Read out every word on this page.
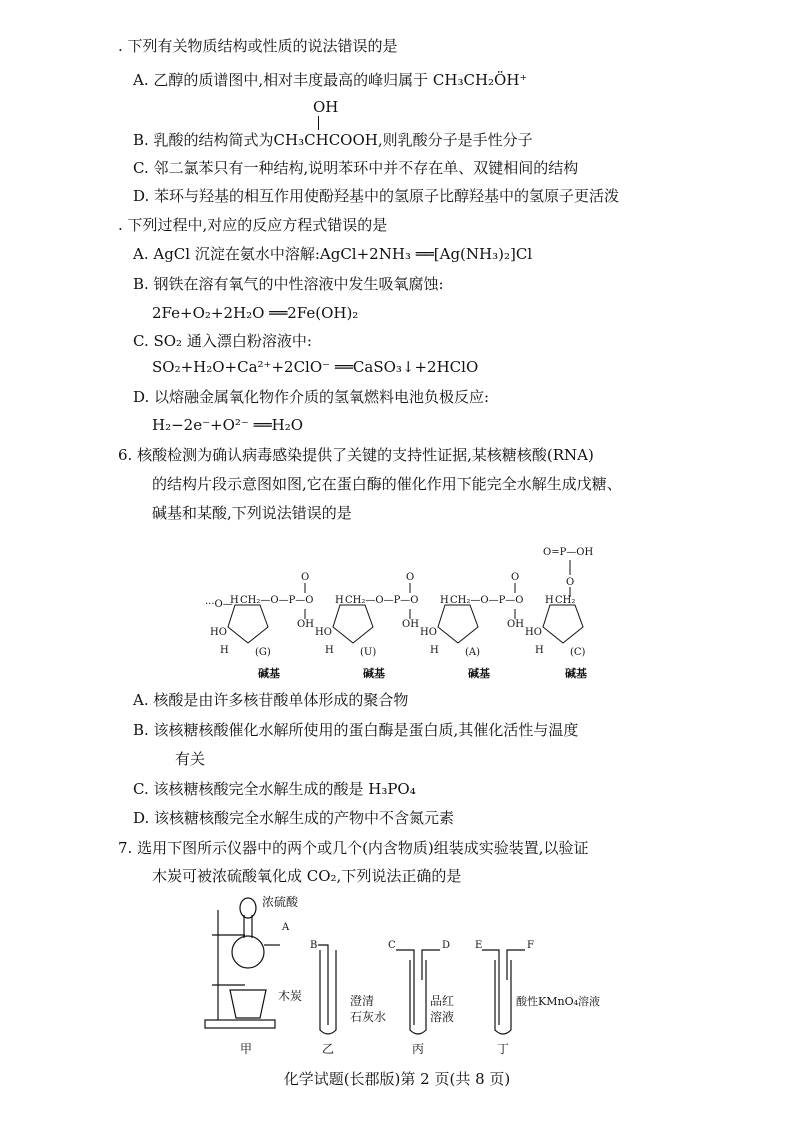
. 下列有关物质结构或性质的说法错误的是
A. 乙醇的质谱图中,相对丰度最高的峰归属于 CH₃CH₂ÖH⁺
OH
B. 乳酸的结构简式为CH₃CHCOOH,则乳酸分子是手性分子
C. 邻二氯苯只有一种结构,说明苯环中并不存在单、双键相间的结构
D. 苯环与羟基的相互作用使酚羟基中的氢原子比醇羟基中的氢原子更活泼
. 下列过程中,对应的反应方程式错误的是
A. AgCl 沉淀在氨水中溶解:AgCl+2NH₃ ══[Ag(NH₃)₂]Cl
B. 钢铁在溶有氧气的中性溶液中发生吸氧腐蚀:
2Fe+O₂+2H₂O ══2Fe(OH)₂
C. SO₂ 通入漂白粉溶液中:
SO₂+H₂O+Ca²⁺+2ClO⁻ ══CaSO₃↓+2HClO
D. 以熔融金属氧化物作介质的氢氧燃料电池负极反应:
H₂−2e⁻+O²⁻ ══H₂O
6. 核酸检测为确认病毒感染提供了关键的支持性证据,某核糖核酸(RNA)
的结构片段示意图如图,它在蛋白酶的催化作用下能完全水解生成戊糖、
碱基和某酸,下列说法错误的是
O=P—OH
O
···O—
H CH₂—O—P—O H CH₂—O—P—O H CH₂—O—P—O H CH₂
O	O	O
OH	OH	OH
HO	HO	HO	HO
H	H	H	H
(G)	(U)	(A)	(C)
碱基	碱基	碱基	碱基
A. 核酸是由许多核苷酸单体形成的聚合物
B. 该核糖核酸催化水解所使用的蛋白酶是蛋白质,其催化活性与温度
有关
C. 该核糖核酸完全水解生成的酸是 H₃PO₄
D. 该核糖核酸完全水解生成的产物中不含氮元素
7. 选用下图所示仪器中的两个或几个(内含物质)组装成实验装置,以验证
木炭可被浓硫酸氧化成 CO₂,下列说法正确的是
浓硫酸
A
木炭
B
澄清
石灰水
C	D
品红
溶液
E	F
酸性KMnO₄溶液
甲	乙	丙	丁
化学试题(长郡版)第 2 页(共 8 页)
